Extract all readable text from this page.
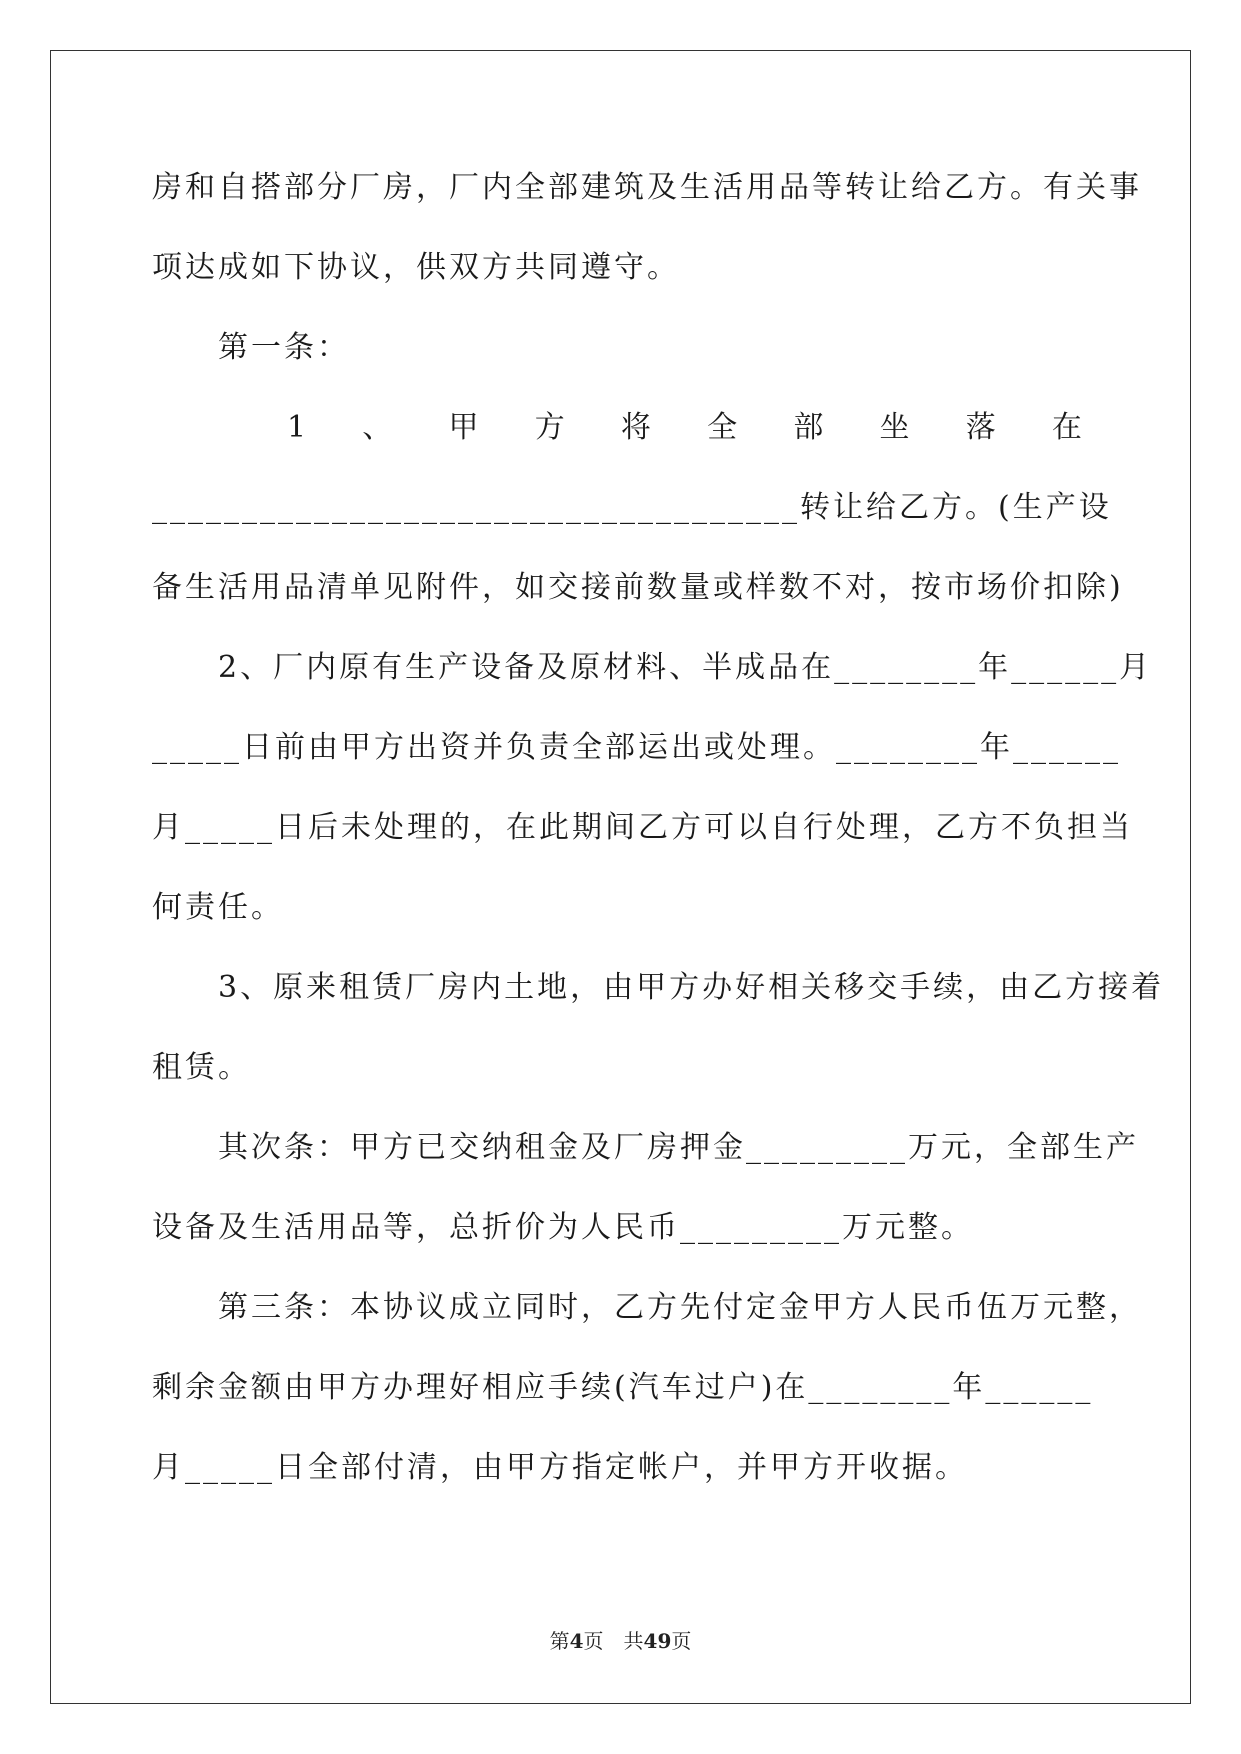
房和自搭部分厂房，厂内全部建筑及生活用品等转让给乙方。有关事
项达成如下协议，供双方共同遵守。
　　第一条：
1 、 甲 方 将 全 部 坐 落 在
____________________________________转让给乙方。(生产设
备生活用品清单见附件，如交接前数量或样数不对，按市场价扣除)
　　2、厂内原有生产设备及原材料、半成品在________年______月
_____日前由甲方出资并负责全部运出或处理。________年______
月_____日后未处理的，在此期间乙方可以自行处理，乙方不负担当
何责任。
　　3、原来租赁厂房内土地，由甲方办好相关移交手续，由乙方接着
租赁。
　　其次条：甲方已交纳租金及厂房押金_________万元，全部生产
设备及生活用品等，总折价为人民币_________万元整。
　　第三条：本协议成立同时，乙方先付定金甲方人民币伍万元整，
剩余金额由甲方办理好相应手续(汽车过户)在________年______
月_____日全部付清，由甲方指定帐户，并甲方开收据。
第4页　共49页
